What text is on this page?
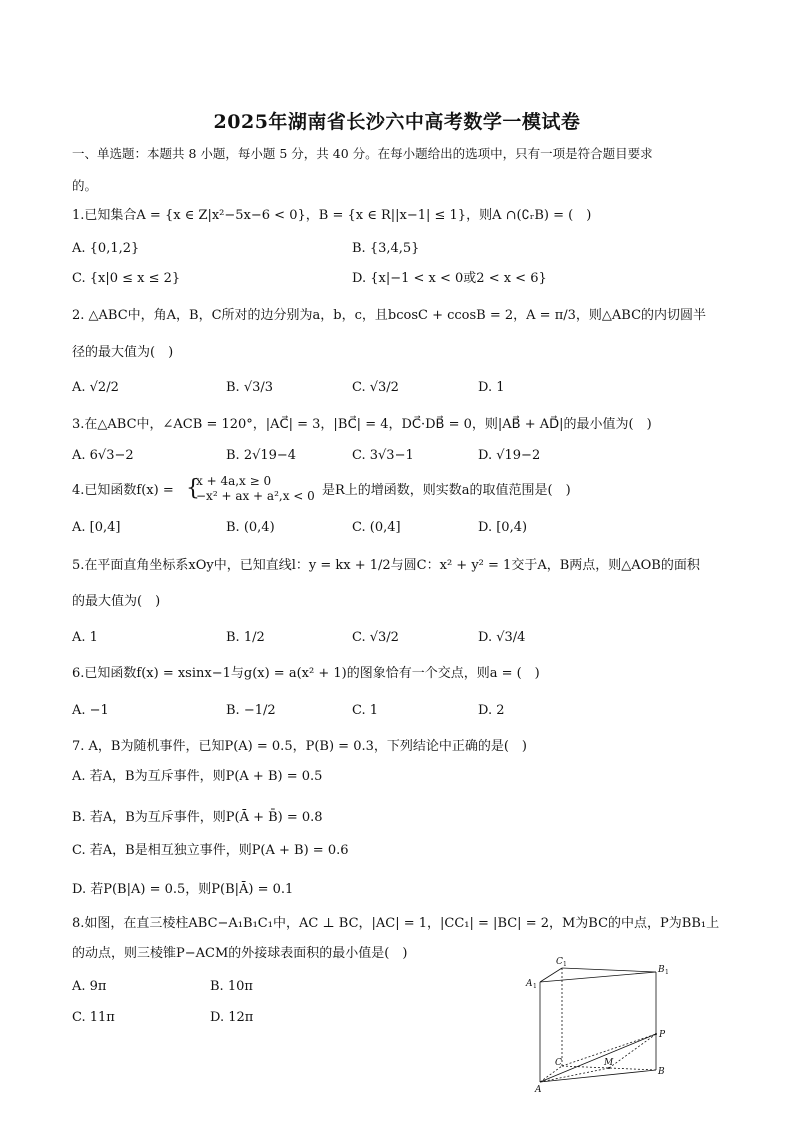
2025年湖南省长沙六中高考数学一模试卷
一、单选题：本题共 8 小题，每小题 5 分，共 40 分。在每小题给出的选项中，只有一项是符合题目要求
的。
1.已知集合A = {x ∈ Z|x²−5x−6 < 0}，B = {x ∈ R||x−1| ≤ 1}，则A ∩(∁ᵣB) = (　)
A. {0,1,2}	B. {3,4,5}
C. {x|0 ≤ x ≤ 2}	D. {x|−1 < x < 0或2 < x < 6}
2. △ABC中，角A，B，C所对的边分别为a，b，c，且bcosC + ccosB = 2，A = π/3，则△ABC的内切圆半
径的最大值为(　)
A. √2/2	B. √3/3	C. √3/2	D. 1
3.在△ABC中，∠ACB = 120°，|AC⃗| = 3，|BC⃗| = 4，DC⃗·DB⃗ = 0，则|AB⃗ + AD⃗|的最小值为(　)
A. 6√3−2	B. 2√19−4	C. 3√3−1	D. √19−2
4.已知函数f(x) = {
x + 4a,x ≥ 0
−x² + ax + a²,x < 0 是R上的增函数，则实数a的取值范围是(　)
A. [0,4]	B. (0,4)	C. (0,4]	D. [0,4)
5.在平面直角坐标系xOy中，已知直线l：y = kx + 1/2与圆C：x² + y² = 1交于A，B两点，则△AOB的面积
的最大值为(　)
A. 1	B. 1/2	C. √3/2	D. √3/4
6.已知函数f(x) = xsinx−1与g(x) = a(x² + 1)的图象恰有一个交点，则a = (　)
A. −1	B. −1/2	C. 1	D. 2
7. A，B为随机事件，已知P(A) = 0.5，P(B) = 0.3，下列结论中正确的是(　)
A. 若A，B为互斥事件，则P(A + B) = 0.5
B. 若A，B为互斥事件，则P(Ā + B̄) = 0.8
C. 若A，B是相互独立事件，则P(A + B) = 0.6
D. 若P(B|A) = 0.5，则P(B|Ā) = 0.1
8.如图，在直三棱柱ABC−A₁B₁C₁中，AC ⊥ BC，|AC| = 1，|CC₁| = |BC| = 2，M为BC的中点，P为BB₁上
的动点，则三棱锥P−ACM的外接球表面积的最小值是(　)
A. 9π	B. 10π
C. 11π	D. 12π
C 1
B 1
A 1
P
C	M
B
A
